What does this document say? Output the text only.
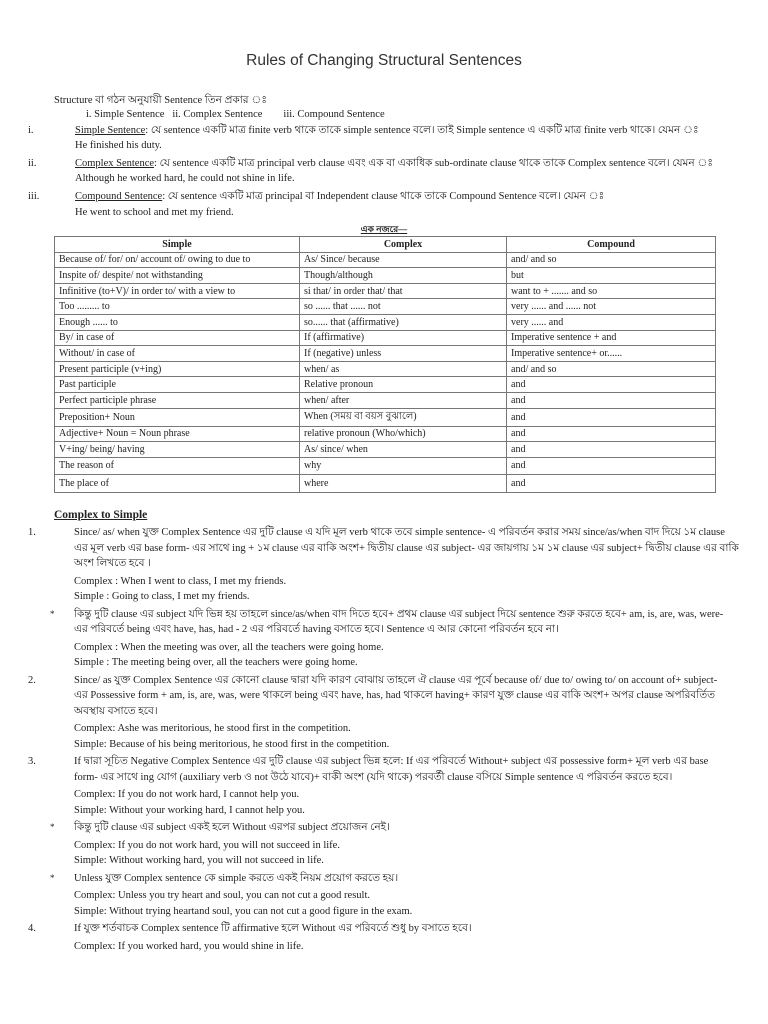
Rules of Changing Structural Sentences
Structure বা গঠন অনুযায়ী Sentence তিন প্রকার ঃ
i. Simple Sentence   ii. Complex Sentence        iii. Compound Sentence
i.	Simple Sentence: যে sentence একটি মাত্র finite verb থাকে তাকে simple sentence বলে। তাই Simple sentence এ একটি মাত্র finite verb থাকে। যেমন ঃ
He finished his duty.
ii.	Complex Sentence: যে sentence একটি মাত্র principal verb clause এবং এক বা একাধিক sub-ordinate clause থাকে তাকে Complex sentence বলে। যেমন ঃ
Although he worked hard, he could not shine in life.
iii.	Compound Sentence: যে sentence একটি মাত্র principal বা Independent clause থাকে তাকে Compound Sentence বলে। যেমন ঃ
He went to school and met my friend.
এক নজরে—
Simple	Complex	Compound
Because of/ for/ on/ account of/ owing to due to	As/ Since/ because	and/ and so
Inspite of/ despite/ not withstanding	Though/although	but
Infinitive (to+V)/ in order to/ with a view to	si that/ in order that/ that	want to + ....... and so
Too ......... to	so ...... that ...... not	very ...... and ...... not
Enough ...... to	so...... that (affirmative)	very ...... and
By/ in case of	If (affirmative)	Imperative sentence + and
Without/ in case of	If (negative) unless	Imperative sentence+ or......
Present participle (v+ing)	when/ as	and/ and so
Past participle	Relative pronoun	and
Perfect participle phrase	when/ after	and
Preposition+ Noun	When (সময় বা বয়স বুঝালে)	and
Adjective+ Noun = Noun phrase	relative pronoun (Who/which)	and
V+ing/ being/ having	As/ since/ when	and
The reason of	why	and
The place of	where	and
Complex to Simple
1.	Since/ as/ when যুক্ত Complex Sentence এর দুটি clause এ যদি মূল verb থাকে তবে simple sentence- এ পরিবর্তন করার সময় since/as/when বাদ দিয়ে ১ম clause

এর মূল verb এর base form- এর সাথে ing + ১ম clause এর বাকি অংশ+ দ্বিতীয় clause এর subject- এর জায়গায় ১ম ১ম clause এর subject+ দ্বিতীয় clause এর বাকি

অংশ লিখতে হবে ।

Complex : When I went to class, I met my friends.

Simple : Going to class, I met my friends.

* কিন্তু দুটি clause এর subject যদি ভিন্ন হয় তাহলে since/as/when বাদ দিতে হবে+ প্রথম clause এর subject দিয়ে sentence শুরু করতে হবে+ am, is, are, was, were-

এর পরিবর্তে being এবং have, has, had - 2 এর পরিবর্তে having বসাতে হবে। Sentence এ আর কোনো পরিবর্তন হবে না।

Complex : When the meeting was over, all the teachers were going home.

Simple : The meeting being over, all the teachers were going home.

2.	Since/ as যুক্ত Complex Sentence এর কোনো clause দ্বারা যদি কারণ বোঝায় তাহলে ঐ clause এর পূর্বে because of/ due to/ owing to/ on account of+ subject-

এর Possessive form + am, is, are, was, were থাকলে being এবং have, has, had থাকলে having+ কারণ যুক্ত clause এর বাকি অংশ+ অপর clause অপরিবর্তিত

অবস্থায় বসাতে হবে।

Complex: Ashe was meritorious, he stood first in the competition.

Simple: Because of his being meritorious, he stood first in the competition.

3.	If দ্বারা সূচিত Negative Complex Sentence এর দুটি clause এর subject ভিন্ন হলে: If এর পরিবর্তে Without+ subject এর possessive form+ মূল verb এর base

form- এর সাথে ing যোগ (auxiliary verb ও not উঠে যাবে)+ বাকী অংশ (যদি থাকে) পরবর্তী clause বসিয়ে Simple sentence এ পরিবর্তন করতে হবে।

Complex: If you do not work hard, I cannot help you.

Simple: Without your working hard, I cannot help you.

* কিন্তু দুটি clause এর subject একই হলে Without এরপর subject প্রয়োজন নেই।

Complex: If you do not work hard, you will not succeed in life.

Simple: Without working hard, you will not succeed in life.

* Unless যুক্ত Complex sentence কে simple করতে একই নিয়ম প্রয়োগ করতে হয়।

Complex: Unless you try heart and soul, you can not cut a good result.

Simple: Without trying heartand soul, you can not cut a good figure in the exam.

4.	If যুক্ত শর্তবাচক Complex sentence টি affirmative হলে Without এর পরিবর্তে শুধু by বসাতে হবে।

Complex: If you worked hard, you would shine in life.
